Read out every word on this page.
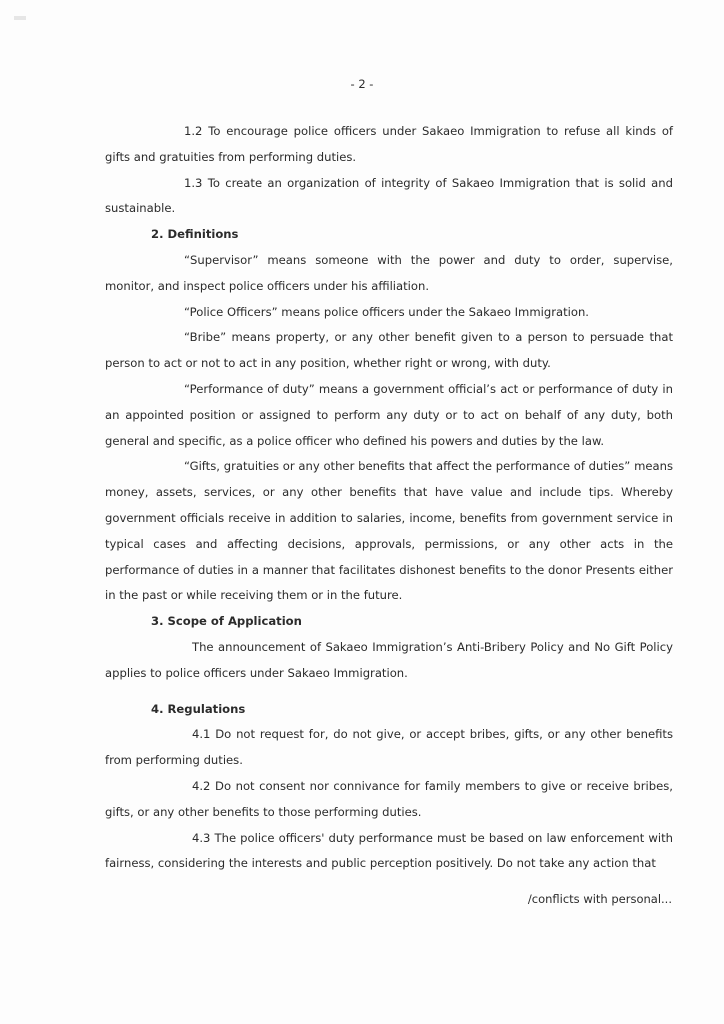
- 2 -

1.2 To encourage police officers under Sakaeo Immigration to refuse all kinds of gifts and gratuities from performing duties.

1.3 To create an organization of integrity of Sakaeo Immigration that is solid and sustainable.

2. Definitions

“Supervisor” means someone with the power and duty to order, supervise, monitor, and inspect police officers under his affiliation.

“Police Officers” means police officers under the Sakaeo Immigration.

“Bribe” means property, or any other benefit given to a person to persuade that person to act or not to act in any position, whether right or wrong, with duty.

“Performance of duty” means a government official’s act or performance of duty in an appointed position or assigned to perform any duty or to act on behalf of any duty, both general and specific, as a police officer who defined his powers and duties by the law.

“Gifts, gratuities or any other benefits that affect the performance of duties” means money, assets, services, or any other benefits that have value and include tips. Whereby government officials receive in addition to salaries, income, benefits from government service in typical cases and affecting decisions, approvals, permissions, or any other acts in the performance of duties in a manner that facilitates dishonest benefits to the donor Presents either in the past or while receiving them or in the future.

3. Scope of Application

The announcement of Sakaeo Immigration’s Anti-Bribery Policy and No Gift Policy applies to police officers under Sakaeo Immigration.

4. Regulations

4.1 Do not request for, do not give, or accept bribes, gifts, or any other benefits from performing duties.

4.2 Do not consent nor connivance for family members to give or receive bribes, gifts, or any other benefits to those performing duties.

4.3 The police officers' duty performance must be based on law enforcement with fairness, considering the interests and public perception positively. Do not take any action that

/conflicts with personal...
